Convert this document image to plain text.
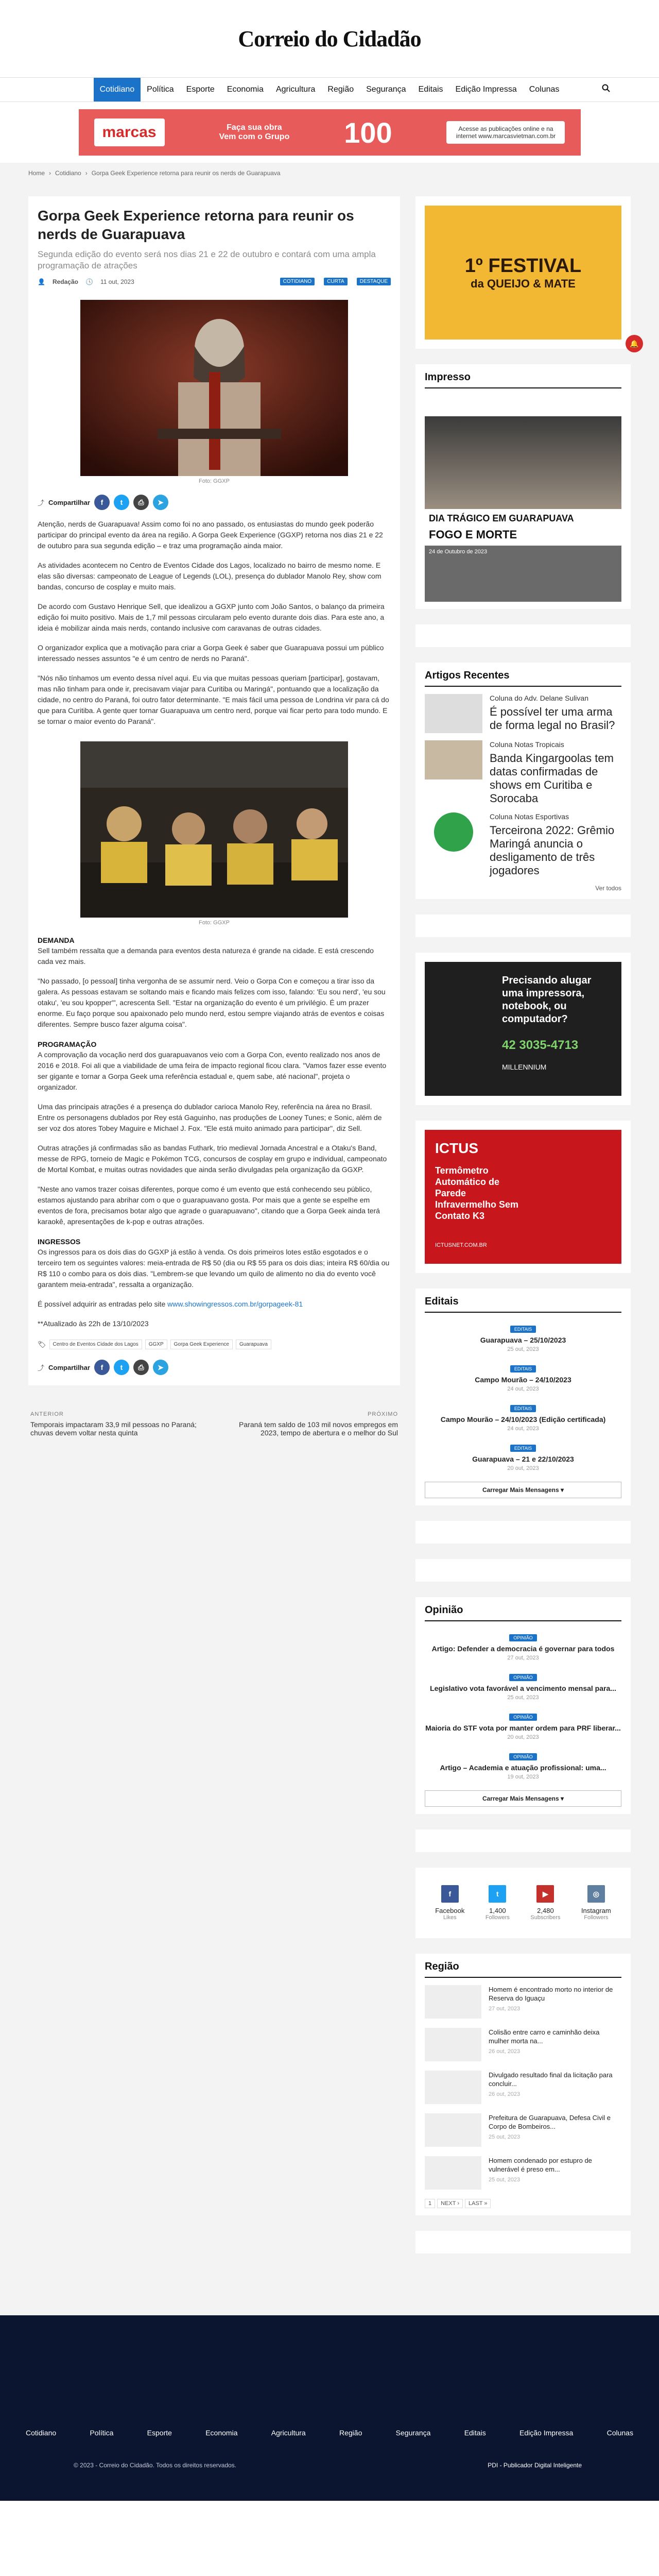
Correio do Cidadão
Cotidiano	Política	Esporte	Economia	Agricultura	Região	Segurança	Editais	Edição Impressa	Colunas
marcas	Faça sua obra
Vem com o Grupo 100	Acesse as publicações online e na internet www.marcasvietman.com.br
Home › Cotidiano › Gorpa Geek Experience retorna para reunir os nerds de Guarapuava
Gorpa Geek Experience retorna para reunir os nerds de Guarapuava
Segunda edição do evento será nos dias 21 e 22 de outubro e contará com uma ampla programação de atrações
👤 Redação 🕓 11 out, 2023	COTIDIANO	CURTA	DESTAQUE
Foto: GGXP
⤴ Compartilhar	f	t	⎙	➤

Atenção, nerds de Guarapuava! Assim como foi no ano passado, os entusiastas do mundo geek poderão participar do principal evento da área na região. A Gorpa Geek Experience (GGXP) retorna nos dias 21 e 22 de outubro para sua segunda edição – e traz uma programação ainda maior.

As atividades acontecem no Centro de Eventos Cidade dos Lagos, localizado no bairro de mesmo nome. E elas são diversas: campeonato de League of Legends (LOL), presença do dublador Manolo Rey, show com bandas, concurso de cosplay e muito mais.

De acordo com Gustavo Henrique Sell, que idealizou a GGXP junto com João Santos, o balanço da primeira edição foi muito positivo. Mais de 1,7 mil pessoas circularam pelo evento durante dois dias. Para este ano, a ideia é mobilizar ainda mais nerds, contando inclusive com caravanas de outras cidades.

O organizador explica que a motivação para criar a Gorpa Geek é saber que Guarapuava possui um público interessado nesses assuntos "e é um centro de nerds no Paraná".

"Nós não tínhamos um evento dessa nível aqui. Eu via que muitas pessoas queriam [participar], gostavam, mas não tinham para onde ir, precisavam viajar para Curitiba ou Maringá", pontuando que a localização da cidade, no centro do Paraná, foi outro fator determinante. "E mais fácil uma pessoa de Londrina vir para cá do que para Curitiba. A gente quer tornar Guarapuava um centro nerd, porque vai ficar perto para todo mundo. E se tornar o maior evento do Paraná".

Foto: GGXP
DEMANDA

Sell também ressalta que a demanda para eventos desta natureza é grande na cidade. E está crescendo cada vez mais.

"No passado, [o pessoal] tinha vergonha de se assumir nerd. Veio o Gorpa Con e começou a tirar isso da galera. As pessoas estavam se soltando mais e ficando mais felizes com isso, falando: 'Eu sou nerd', 'eu sou otaku', 'eu sou kpopper'", acrescenta Sell. "Estar na organização do evento é um privilégio. É um prazer enorme. Eu faço porque sou apaixonado pelo mundo nerd, estou sempre viajando atrás de eventos e coisas diferentes. Sempre busco fazer alguma coisa".

PROGRAMAÇÃO

A comprovação da vocação nerd dos guarapuavanos veio com a Gorpa Con, evento realizado nos anos de 2016 e 2018. Foi ali que a viabilidade de uma feira de impacto regional ficou clara. "Vamos fazer esse evento ser gigante e tornar a Gorpa Geek uma referência estadual e, quem sabe, até nacional", projeta o organizador.

Uma das principais atrações é a presença do dublador carioca Manolo Rey, referência na área no Brasil. Entre os personagens dublados por Rey está Gaguinho, nas produções de Looney Tunes; e Sonic, além de ser voz dos atores Tobey Maguire e Michael J. Fox. "Ele está muito animado para participar", diz Sell.

Outras atrações já confirmadas são as bandas Futhark, trio medieval Jornada Ancestral e a Otaku's Band, messe de RPG, torneio de Magic e Pokémon TCG, concursos de cosplay em grupo e individual, campeonato de Mortal Kombat, e muitas outras novidades que ainda serão divulgadas pela organização da GGXP.

"Neste ano vamos trazer coisas diferentes, porque como é um evento que está conhecendo seu público, estamos ajustando para abrihar com o que o guarapuavano gosta. Por mais que a gente se espelhe em eventos de fora, precisamos botar algo que agrade o guarapuavano", citando que a Gorpa Geek ainda terá karaokê, apresentações de k-pop e outras atrações.

INGRESSOS

Os ingressos para os dois dias do GGXP já estão à venda. Os dois primeiros lotes estão esgotados e o terceiro tem os seguintes valores: meia-entrada de R$ 50 (dia ou R$ 55 para os dois dias; inteira R$ 60/dia ou R$ 110 o combo para os dois dias. "Lembrem-se que levando um quilo de alimento no dia do evento você garantem meia-entrada", ressalta a organização.

É possível adquirir as entradas pelo site www.showingressos.com.br/gorpageek-81

**Atualizado às 22h de 13/10/2023

🏷	Centro de Eventos Cidade dos Lagos	GGXP	Gorpa Geek Experience	Guarapuava
⤴ Compartilhar	f	t	⎙	➤
ANTERIOR
Temporais impactaram 33,9 mil pessoas no Paraná; chuvas devem voltar nesta quinta
PRÓXIMO
Paraná tem saldo de 103 mil novos empregos em 2023, tempo de abertura e o melhor do Sul
1º FESTIVAL
da QUEIJO & MATE
Impresso
DIA TRÁGICO EM GUARAPUAVA
FOGO E MORTE
24 de Outubro de 2023
Artigos Recentes
Coluna do Adv. Delane Sulivan
É possível ter uma arma de forma legal no Brasil?
Coluna Notas Tropicais
Banda Kingargoolas tem datas confirmadas de shows em Curitiba e Sorocaba
Coluna Notas Esportivas
Terceirona 2022: Grêmio Maringá anuncia o desligamento de três jogadores
Ver todos
Precisando alugar uma impressora, notebook, ou computador?
42 3035-4713
MILLENNIUM
ICTUS
Termômetro Automático de Parede Infravermelho Sem Contato K3
ICTUSNET.COM.BR
Editais
EDITAIS
Guarapuava – 25/10/2023
25 out, 2023
EDITAIS
Campo Mourão – 24/10/2023
24 out, 2023
EDITAIS
Campo Mourão – 24/10/2023 (Edição certificada)
24 out, 2023
EDITAIS
Guarapuava – 21 e 22/10/2023
20 out, 2023
Carregar Mais Mensagens ▾
Opinião
OPINIÃO
Artigo: Defender a democracia é governar para todos
27 out, 2023
OPINIÃO
Legislativo vota favorável a vencimento mensal para...
25 out, 2023
OPINIÃO
Maioria do STF vota por manter ordem para PRF liberar...
20 out, 2023
OPINIÃO
Artigo – Academia e atuação profissional: uma...
19 out, 2023
Carregar Mais Mensagens ▾
f
Facebook
Likes
t
1,400
Followers
▶
2,480
Subscribers
◎
Instagram
Followers
Região
Homem é encontrado morto no interior de Reserva do Iguaçu
27 out, 2023
Colisão entre carro e caminhão deixa mulher morta na...
26 out, 2023
Divulgado resultado final da licitação para concluir...
26 out, 2023
Prefeitura de Guarapuava, Defesa Civil e Corpo de Bombeiros...
25 out, 2023
Homem condenado por estupro de vulnerável é preso em...
25 out, 2023
1	NEXT ›	LAST »
Cotidiano	Política	Esporte	Economia	Agricultura	Região	Segurança	Editais	Edição Impressa	Colunas
© 2023 - Correio do Cidadão. Todos os direitos reservados.	PDI - Publicador Digital Inteligente
🔔
